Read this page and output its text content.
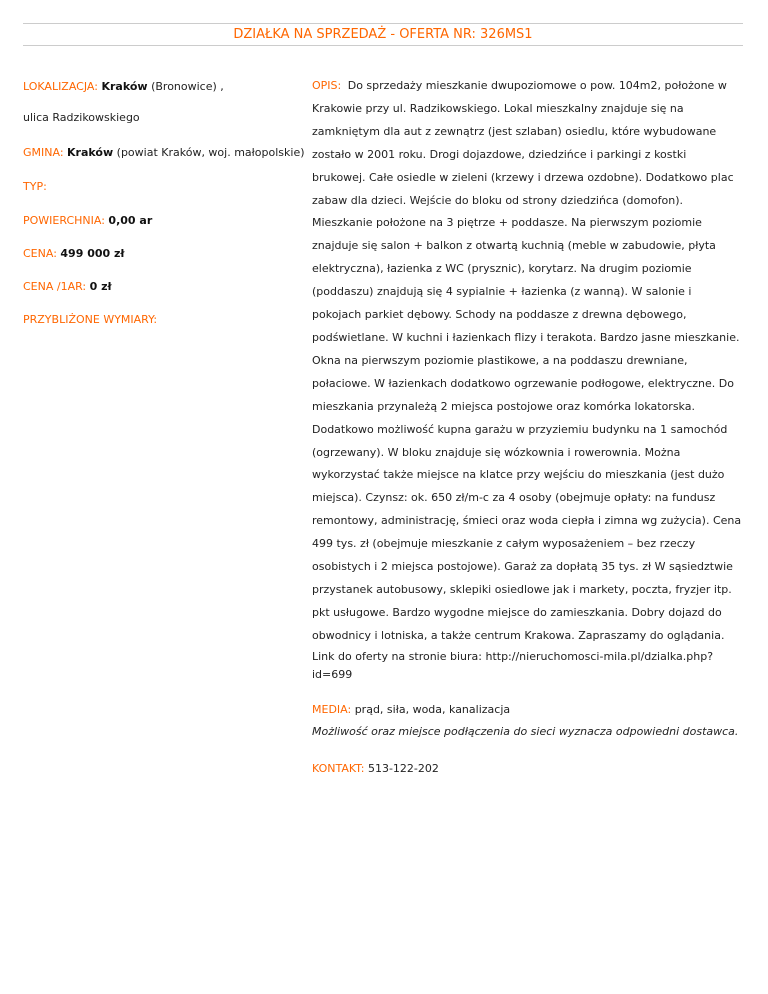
DZIAŁKA NA SPRZEDAŻ - OFERTA NR: 326MS1
LOKALIZACJA: Kraków (Bronowice) ,
ulica Radzikowskiego
GMINA: Kraków (powiat Kraków, woj. małopolskie)
TYP:
POWIERCHNIA: 0,00 ar
CENA: 499 000 zł
CENA /1AR: 0 zł
PRZYBLIŻONE WYMIARY:

OPIS: Do sprzedaży mieszkanie dwupoziomowe o pow. 104m2, położone w Krakowie przy ul. Radzikowskiego. Lokal mieszkalny znajduje się na zamkniętym dla aut z zewnątrz (jest szlaban) osiedlu, które wybudowane zostało w 2001 roku. Drogi dojazdowe, dziedzińce i parkingi z kostki brukowej. Całe osiedle w zieleni (krzewy i drzewa ozdobne). Dodatkowo plac zabaw dla dzieci. Wejście do bloku od strony dziedzińca (domofon). Mieszkanie położone na 3 piętrze + poddasze. Na pierwszym poziomie znajduje się salon + balkon z otwartą kuchnią (meble w zabudowie, płyta elektryczna), łazienka z WC (prysznic), korytarz. Na drugim poziomie (poddaszu) znajdują się 4 sypialnie + łazienka (z wanną). W salonie i pokojach parkiet dębowy. Schody na poddasze z drewna dębowego, podświetlane. W kuchni i łazienkach flizy i terakota. Bardzo jasne mieszkanie. Okna na pierwszym poziomie plastikowe, a na poddaszu drewniane, połaciowe. W łazienkach dodatkowo ogrzewanie podłogowe, elektryczne. Do mieszkania przynależą 2 miejsca postojowe oraz komórka lokatorska. Dodatkowo możliwość kupna garażu w przyziemiu budynku na 1 samochód (ogrzewany). W bloku znajduje się wózkownia i rowerownia. Można wykorzystać także miejsce na klatce przy wejściu do mieszkania (jest dużo miejsca). Czynsz: ok. 650 zł/m-c za 4 osoby (obejmuje opłaty: na fundusz remontowy, administrację, śmieci oraz woda ciepła i zimna wg zużycia). Cena 499 tys. zł (obejmuje mieszkanie z całym wyposażeniem – bez rzeczy osobistych i 2 miejsca postojowe). Garaż za dopłatą 35 tys. zł W sąsiedztwie przystanek autobusowy, sklepiki osiedlowe jak i markety, poczta, fryzjer itp. pkt usługowe. Bardzo wygodne miejsce do zamieszkania. Dobry dojazd do obwodnicy i lotniska, a także centrum Krakowa. Zapraszamy do oglądania.

Link do oferty na stronie biura: http://nieruchomosci-mila.pl/dzialka.php?id=699
MEDIA: prąd, siła, woda, kanalizacja
Możliwość oraz miejsce podłączenia do sieci wyznacza odpowiedni dostawca.
KONTAKT: 513-122-202
